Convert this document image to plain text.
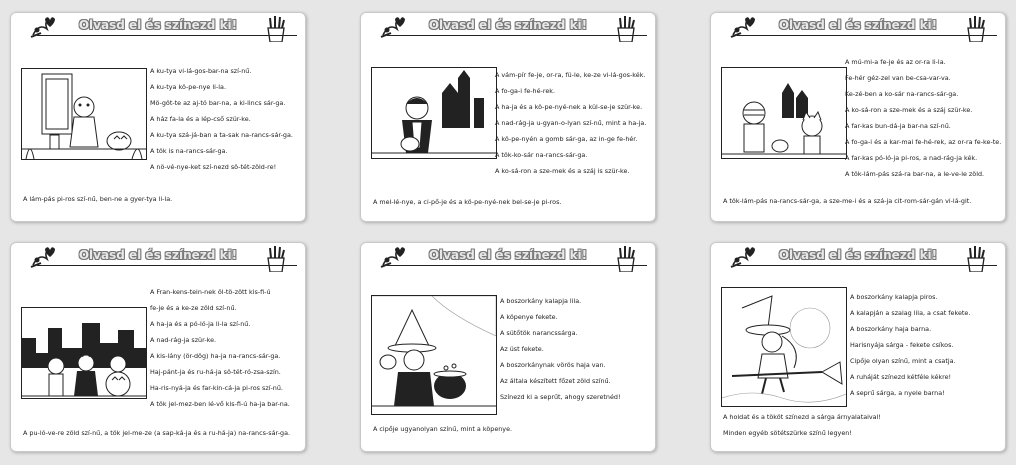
Olvasd el és színezd ki!
A ku-tya vi-lá-gos-bar-na szí-nű.
A ku-tya kö-pe-nye li-la.
Mö-göt-te az aj-tó bar-na, a ki-lincs sár-ga.
A ház fa-la és a lép-cső szür-ke.
A ku-tya szá-já-ban a ta-sak na-rancs-sár-ga.
A tök is na-rancs-sár-ga.
A nö-vé-nye-ket szí-nezd sö-tét-zöld-re!
A lám-pás pi-ros szí-nű, ben-ne a gyer-tya li-la.
Olvasd el és színezd ki!
A vám-pír fe-je, or-ra, fü-le, ke-ze vi-lá-gos-kék.
A fo-ga-i fe-hé-rek.
A ha-ja és a kö-pe-nyé-nek a kül-se-je szür-ke.
A nad-rág-ja u-gyan-o-lyan szí-nű, mint a ha-ja.
A kö-pe-nyén a gomb sár-ga, az in-ge fe-hér.
A tök-ko-sár na-rancs-sár-ga.
A ko-sá-ron a sze-mek és a száj is szür-ke.
A mel-lé-nye, a ci-pő-je és a kö-pe-nyé-nek bel-se-je pi-ros.
Olvasd el és színezd ki!
A mú-mi-a fe-je és az or-ra li-la.
Fe-hér géz-zel van be-csa-var-va.
Ke-zé-ben a ko-sár na-rancs-sár-ga.
A ko-sá-ron a sze-mek és a száj szür-ke.
A far-kas bun-dá-ja bar-na szí-nű.
A fo-ga-i és a kar-mai fe-hé-rek, az or-ra fe-ke-te.
A far-kas pó-ló-ja pi-ros, a nad-rág-ja kék.
A tök-lám-pás szá-ra bar-na, a le-ve-le zöld.
A tök-lám-pás na-rancs-sár-ga, a sze-me-i és a szá-ja cit-rom-sár-gán vi-lá-git.
Olvasd el és színezd ki!
A Fran-kens-tein-nek öl-tö-zött kis-fi-ú
fe-je és a ke-ze zöld szí-nű.
A ha-ja és a pó-ló-ja li-la szí-nű.
A nad-rág-ja szür-ke.
A kis-lány (ör-dög) ha-ja na-rancs-sár-ga.
Haj-pánt-ja és ru-há-ja sö-tét-ró-zsa-szín.
Ha-ris-nyá-ja és far-kin-cá-ja pi-ros szí-nű.
A tök jel-mez-ben lé-vő kis-fi-ú ha-ja bar-na.
A pu-ló-ve-re zöld szí-nű, a tök jel-me-ze (a sap-ká-ja és a ru-há-ja) na-rancs-sár-ga.
Olvasd el és színezd ki!
A boszorkány kalapja lila.
A köpenye fekete.
A sütőtök narancssárga.
Az üst fekete.
A boszorkánynak vörös haja van.
Az általa készített főzet zöld színű.
Színezd ki a seprűt, ahogy szeretnéd!
A cipője ugyanolyan színű, mint a köpenye.
Olvasd el és színezd ki!
A boszorkány kalapja piros.
A kalapján a szalag lila, a csat fekete.
A boszorkány haja barna.
Harisnyája sárga - fekete csíkos.
Cipője olyan színű, mint a csatja.
A ruháját színezd kétféle kékre!
A seprű sárga, a nyele barna!
A holdat és a tököt színezd a sárga árnyalataival!
Minden egyéb sötétszürke színű legyen!
